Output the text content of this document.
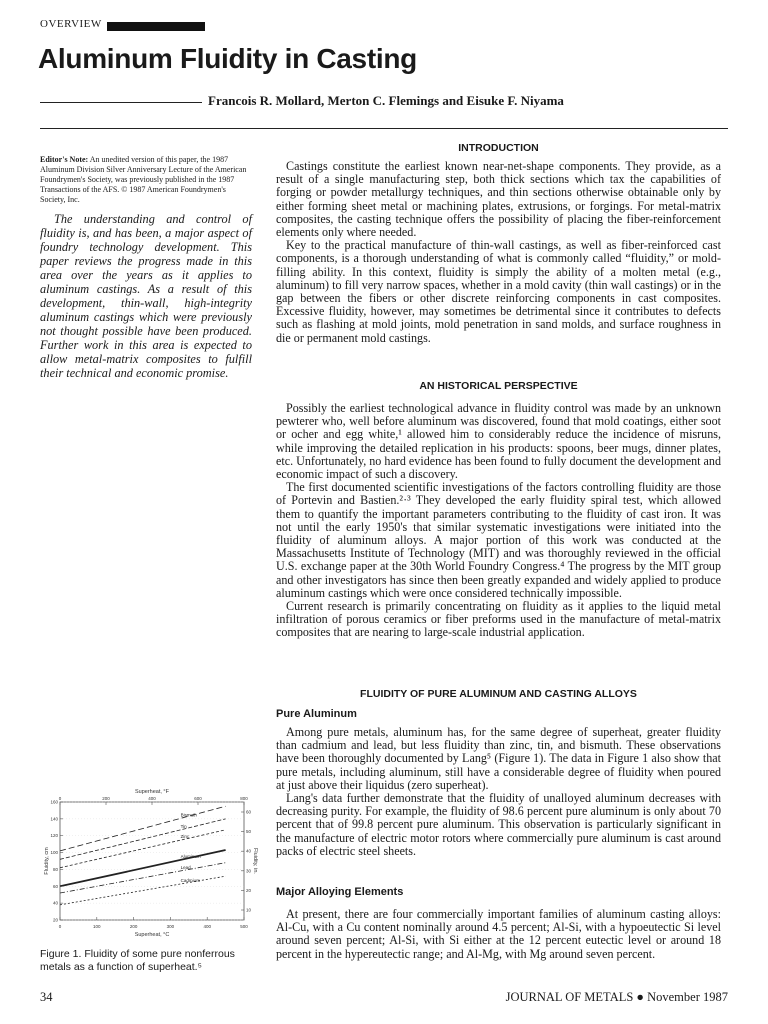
OVERVIEW
Aluminum Fluidity in Casting
Francois R. Mollard, Merton C. Flemings and Eisuke F. Niyama
Editor's Note: An unedited version of this paper, the 1987 Aluminum Division Silver Anniversary Lecture of the American Foundrymen's Society, was previously published in the 1987 Transactions of the AFS. © 1987 American Foundrymen's Society, Inc.

The understanding and control of fluidity is, and has been, a major aspect of foundry technology development. This paper reviews the progress made in this area over the years as it applies to aluminum castings. As a result of this development, thin-wall, high-integrity aluminum castings which were previously not thought possible have been produced. Further work in this area is expected to allow metal-matrix composites to fulfill their technical and economic promise.

INTRODUCTION

Castings constitute the earliest known near-net-shape components. They provide, as a result of a single manufacturing step, both thick sections which tax the capabilities of forging or powder metallurgy techniques, and thin sections otherwise obtainable only by either forming sheet metal or machining plates, extrusions, or forgings. For metal-matrix composites, the casting technique offers the possibility of placing the fiber-reinforcement elements only where needed.

Key to the practical manufacture of thin-wall castings, as well as fiber-reinforced cast components, is a thorough understanding of what is commonly called “fluidity,” or mold-filling ability. In this context, fluidity is simply the ability of a molten metal (e.g., aluminum) to fill very narrow spaces, whether in a mold cavity (thin wall castings) or in the gap between the fibers or other discrete reinforcing components in cast composites. Excessive fluidity, however, may sometimes be detrimental since it contributes to defects such as flashing at mold joints, mold penetration in sand molds, and surface roughness in die or permanent mold castings.

AN HISTORICAL PERSPECTIVE

Possibly the earliest technological advance in fluidity control was made by an unknown pewterer who, well before aluminum was discovered, found that mold coatings, either soot or ocher and egg white,¹ allowed him to considerably reduce the incidence of misruns, while improving the detailed replication in his products: spoons, beer mugs, dinner plates, etc. Unfortunately, no hard evidence has been found to fully document the development and economic impact of such a discovery.

The first documented scientific investigations of the factors controlling fluidity are those of Portevin and Bastien.²·³ They developed the early fluidity spiral test, which allowed them to quantify the important parameters contributing to the fluidity of cast iron. It was not until the early 1950's that similar systematic investigations were initiated into the fluidity of aluminum alloys. A major portion of this work was conducted at the Massachusetts Institute of Technology (MIT) and was thoroughly reviewed in the official U.S. exchange paper at the 30th World Foundry Congress.⁴ The progress by the MIT group and other investigators has since then been greatly expanded and widely applied to produce aluminum castings which were once considered technically impossible.

Current research is primarily concentrating on fluidity as it applies to the liquid metal infiltration of porous ceramics or fiber preforms used in the manufacture of metal-matrix composites that are nearing to large-scale industrial application.

FLUIDITY OF PURE ALUMINUM AND CASTING ALLOYS
Pure Aluminum

Among pure metals, aluminum has, for the same degree of superheat, greater fluidity than cadmium and lead, but less fluidity than zinc, tin, and bismuth. These observations have been thoroughly documented by Lang⁵ (Figure 1). The data in Figure 1 also show that pure metals, including aluminum, still have a considerable degree of fluidity when poured at just above their liquidus (zero superheat).

Lang's data further demonstrate that the fluidity of unalloyed aluminum decreases with decreasing purity. For example, the fluidity of 98.6 percent pure aluminum is only about 70 percent that of 99.8 percent pure aluminum. This observation is particularly significant in the manufacture of electric motor rotors where commercially pure aluminum is cast around packs of electric steel sheets.

Major Alloying Elements

At present, there are four commercially important families of aluminum casting alloys: Al-Cu, with a Cu content nominally around 4.5 percent; Al-Si, with a hypoeutectic Si level around seven percent; Al-Si, with Si either at the 12 percent eutectic level or around 18 percent in the hypereutectic range; and Al-Mg, with Mg around seven percent.

Bismuth
Tin
Zinc
Aluminum
Lead
Cadmium
0	100	200	300	400	500
0	200	400	600	800
20
40
60
80
100
120
140
160
10
20
30
40
50
60
Superheat, °F
Superheat, °C
Fluidity, cm	Fluidity, in.
Figure 1. Fluidity of some pure nonferrous metals as a function of superheat.⁵
34	JOURNAL OF METALS ● November 1987
